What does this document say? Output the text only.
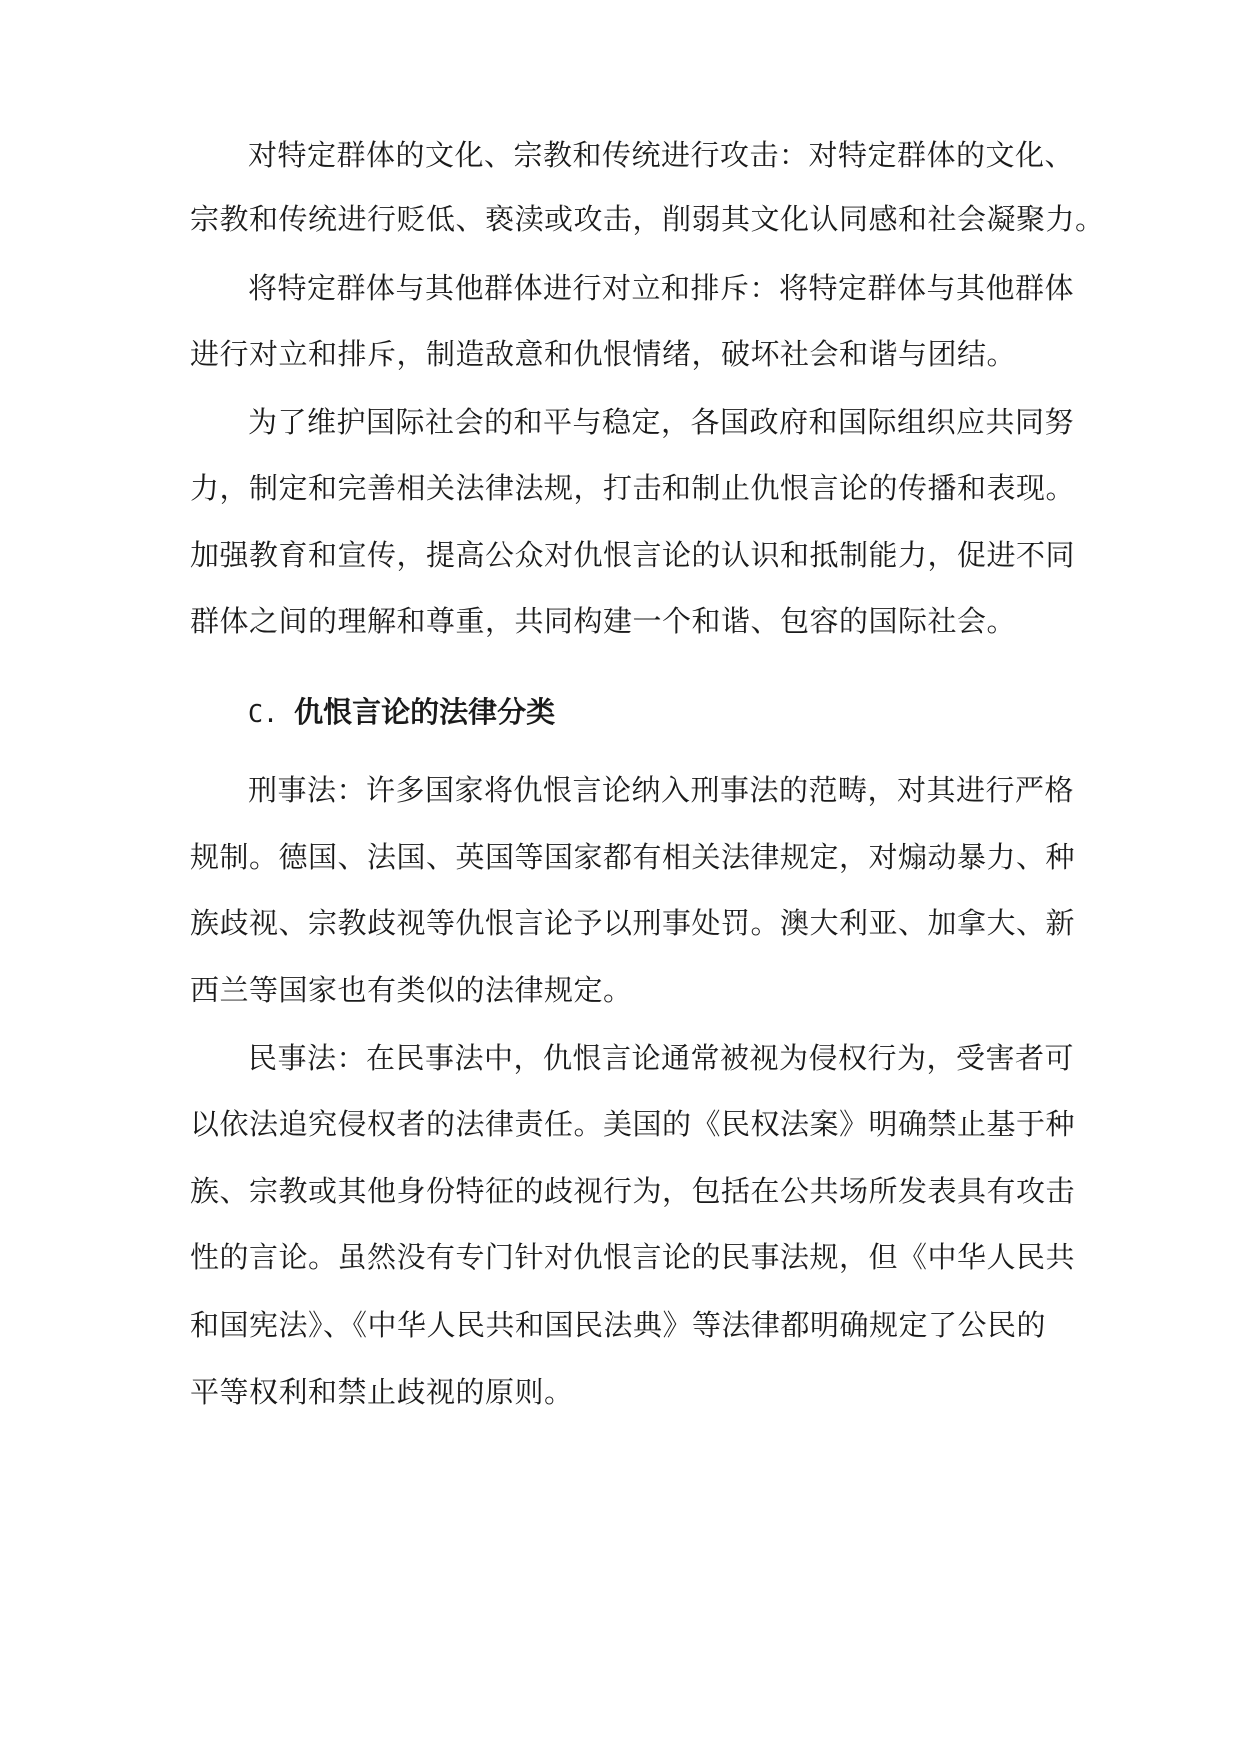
对特定群体的文化、宗教和传统进行攻击：对特定群体的文化、
宗教和传统进行贬低、亵渎或攻击，削弱其文化认同感和社会凝聚力。
将特定群体与其他群体进行对立和排斥：将特定群体与其他群体
进行对立和排斥，制造敌意和仇恨情绪，破坏社会和谐与团结。
为了维护国际社会的和平与稳定，各国政府和国际组织应共同努
力，制定和完善相关法律法规，打击和制止仇恨言论的传播和表现。
加强教育和宣传，提高公众对仇恨言论的认识和抵制能力，促进不同
群体之间的理解和尊重，共同构建一个和谐、包容的国际社会。
C. 仇恨言论的法律分类
刑事法：许多国家将仇恨言论纳入刑事法的范畴，对其进行严格
规制。德国、法国、英国等国家都有相关法律规定，对煽动暴力、种
族歧视、宗教歧视等仇恨言论予以刑事处罚。澳大利亚、加拿大、新
西兰等国家也有类似的法律规定。
民事法：在民事法中，仇恨言论通常被视为侵权行为，受害者可
以依法追究侵权者的法律责任。美国的《民权法案》明确禁止基于种
族、宗教或其他身份特征的歧视行为，包括在公共场所发表具有攻击
性的言论。虽然没有专门针对仇恨言论的民事法规，但《中华人民共
和国宪法》、《中华人民共和国民法典》等法律都明确规定了公民的
平等权利和禁止歧视的原则。
